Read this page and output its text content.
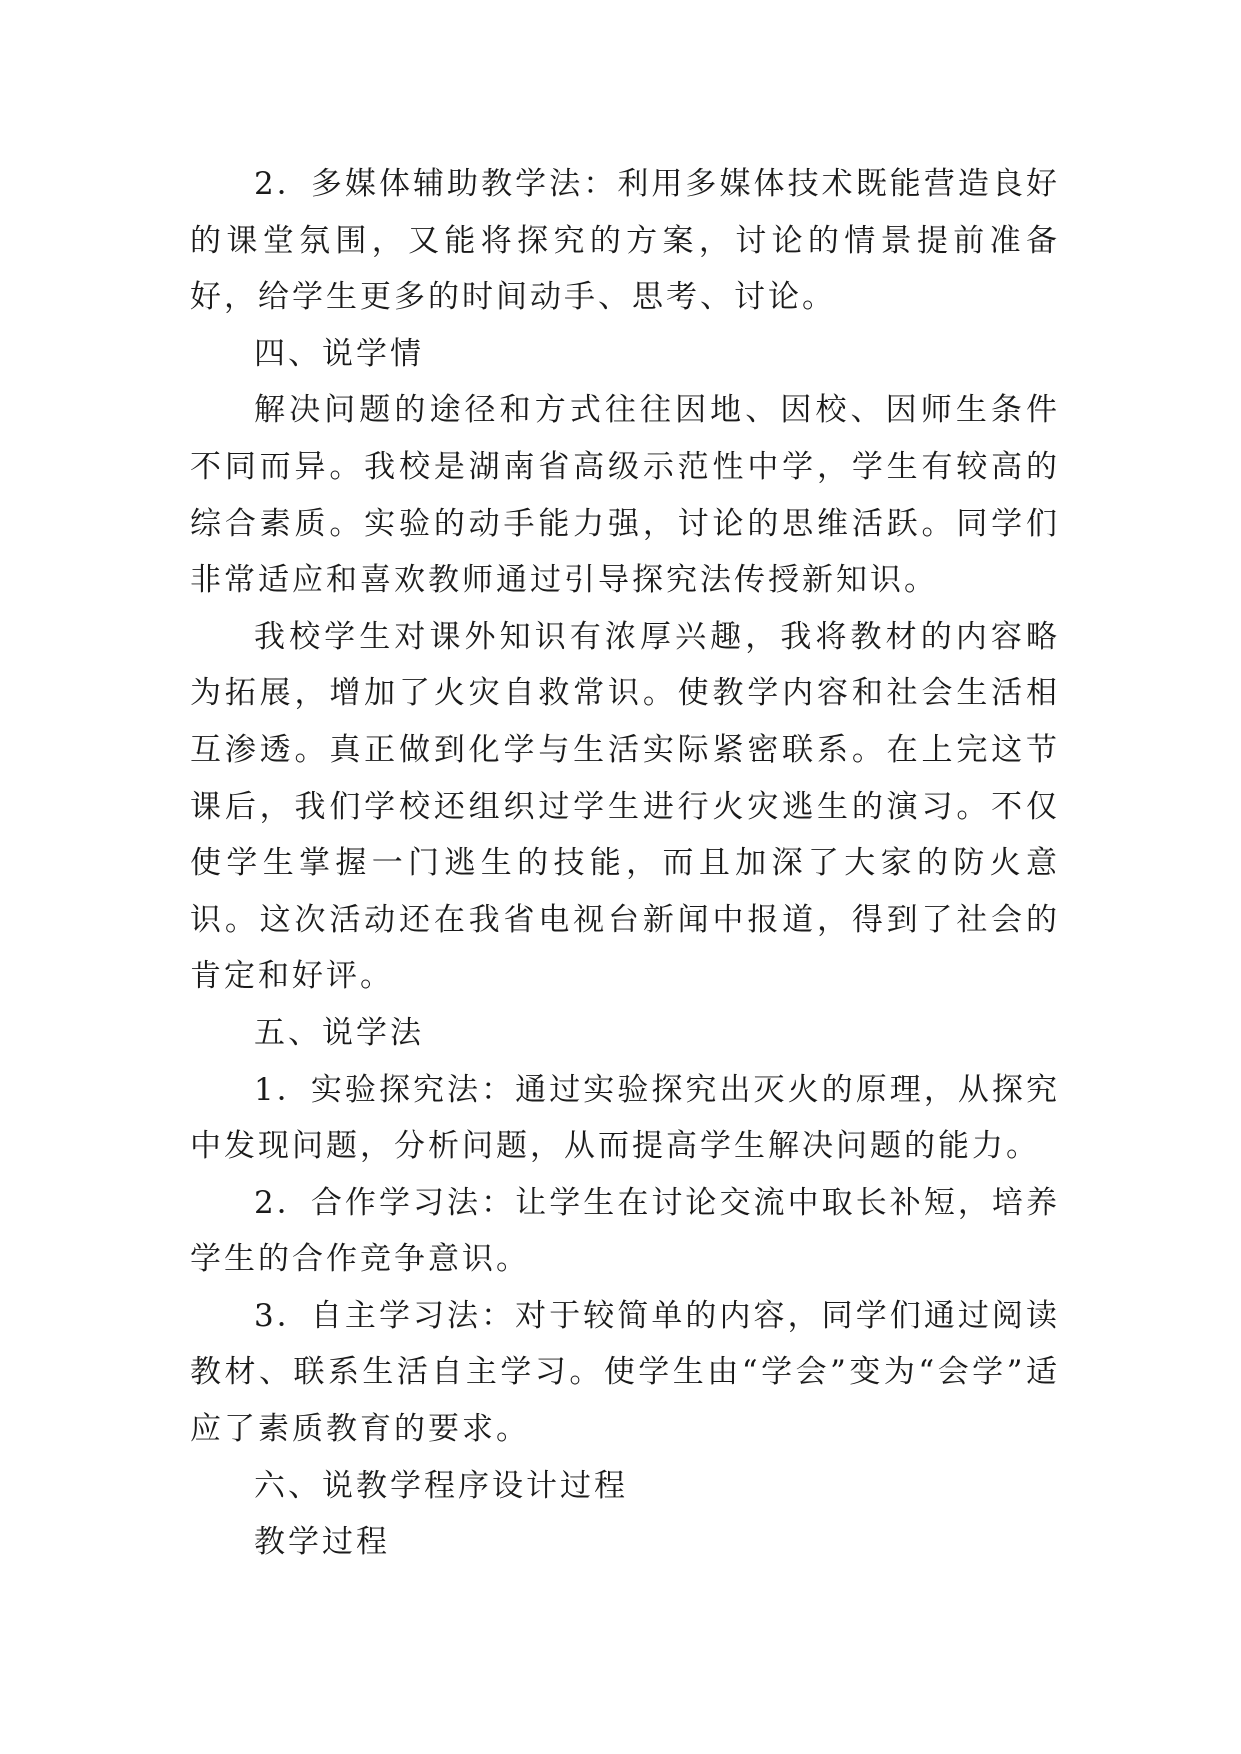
2．多媒体辅助教学法：利用多媒体技术既能营造良好的课堂氛围，又能将探究的方案，讨论的情景提前准备好，给学生更多的时间动手、思考、讨论。

四、说学情

解决问题的途径和方式往往因地、因校、因师生条件不同而异。我校是湖南省高级示范性中学，学生有较高的综合素质。实验的动手能力强，讨论的思维活跃。同学们非常适应和喜欢教师通过引导探究法传授新知识。

我校学生对课外知识有浓厚兴趣，我将教材的内容略为拓展，增加了火灾自救常识。使教学内容和社会生活相互渗透。真正做到化学与生活实际紧密联系。在上完这节课后，我们学校还组织过学生进行火灾逃生的演习。不仅使学生掌握一门逃生的技能，而且加深了大家的防火意识。这次活动还在我省电视台新闻中报道，得到了社会的肯定和好评。

五、说学法

1．实验探究法：通过实验探究出灭火的原理，从探究中发现问题，分析问题，从而提高学生解决问题的能力。

2．合作学习法：让学生在讨论交流中取长补短，培养学生的合作竞争意识。

3．自主学习法：对于较简单的内容，同学们通过阅读教材、联系生活自主学习。使学生由“学会”变为“会学”适应了素质教育的要求。

六、说教学程序设计过程

教学过程
